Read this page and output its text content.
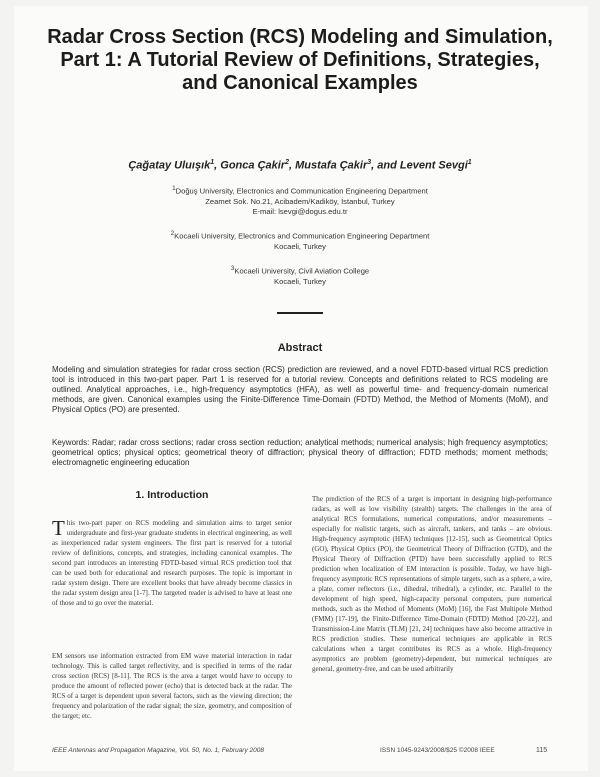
Radar Cross Section (RCS) Modeling and Simulation, Part 1: A Tutorial Review of Definitions, Strategies, and Canonical Examples
Çağatay Uluışık$^1$, Gonca Çakir$^2$, Mustafa Çakir$^3$, and Levent Sevgi$^1$
$^1$Doğuş University, Electronics and Communication Engineering Department
Zeamet Sok. No.21, Acibadem/Kadiköy, İstanbul, Turkey
E-mail: lsevgi@dogus.edu.tr
$^2$Kocaeli University, Electronics and Communication Engineering Department
Kocaeli, Turkey
$^3$Kocaeli University, Civil Aviation College
Kocaeli, Turkey
Abstract
Modeling and simulation strategies for radar cross section (RCS) prediction are reviewed, and a novel FDTD-based virtual RCS prediction tool is introduced in this two-part paper. Part 1 is reserved for a tutorial review. Concepts and definitions related to RCS modeling are outlined. Analytical approaches, i.e., high-frequency asymptotics (HFA), as well as powerful time- and frequency-domain numerical methods, are given. Canonical examples using the Finite-Difference Time-Domain (FDTD) Method, the Method of Moments (MoM), and Physical Optics (PO) are presented.
Keywords: Radar; radar cross sections; radar cross section reduction; analytical methods; numerical analysis; high frequency asymptotics; geometrical optics; physical optics; geometrical theory of diffraction; physical theory of diffraction; FDTD methods; moment methods; electromagnetic engineering education
1. Introduction
This two-part paper on RCS modeling and simulation aims to target senior undergraduate and first-year graduate students in electrical engineering, as well as inexperienced radar system engineers. The first part is reserved for a tutorial review of definitions, concepts, and strategies, including canonical examples. The second part introduces an interesting FDTD-based virtual RCS prediction tool that can be used both for educational and research purposes. The topic is important in radar system design. There are excellent books that have already become classics in the radar system design area [1-7]. The targeted reader is advised to have at least one of those and to go over the material.
EM sensors use information extracted from EM wave material interaction in radar technology. This is called target reflectivity, and is specified in terms of the radar cross section (RCS) [8-11]. The RCS is the area a target would have to occupy to produce the amount of reflected power (echo) that is detected back at the radar. The RCS of a target is dependent upon several factors, such as the viewing direction; the frequency and polarization of the radar signal; the size, geometry, and composition of the target; etc.
The prediction of the RCS of a target is important in designing high-performance radars, as well as low visibility (stealth) targets. The challenges in the area of analytical RCS formulations, numerical computations, and/or measurements – especially for realistic targets, such as aircraft, tankers, and tanks – are obvious. High-frequency asymptotic (HFA) techniques [12-15], such as Geometrical Optics (GO), Physical Optics (PO), the Geometrical Theory of Diffraction (GTD), and the Physical Theory of Diffraction (PTD) have been successfully applied to RCS prediction when localization of EM interaction is possible. Today, we have high-frequency asymptotic RCS representations of simple targets, such as a sphere, a wire, a plate, corner reflectors (i.e., dihedral, trihedral), a cylinder, etc. Parallel to the development of high speed, high-capacity personal computers, pure numerical methods, such as the Method of Moments (MoM) [16], the Fast Multipole Method (FMM) [17-19], the Finite-Difference Time-Domain (FDTD) Method [20-22], and Transmission-Line Matrix (TLM) [21, 24] techniques have also become attractive in RCS prediction studies. These numerical techniques are applicable in RCS calculations when a target contributes its RCS as a whole. High-frequency asymptotics are problem (geometry)-dependent, but numerical techniques are general, geometry-free, and can be used arbitrarily
IEEE Antennas and Propagation Magazine, Vol. 50, No. 1, February 2008	ISSN 1045-9243/2008/$25 ©2008 IEEE	115
